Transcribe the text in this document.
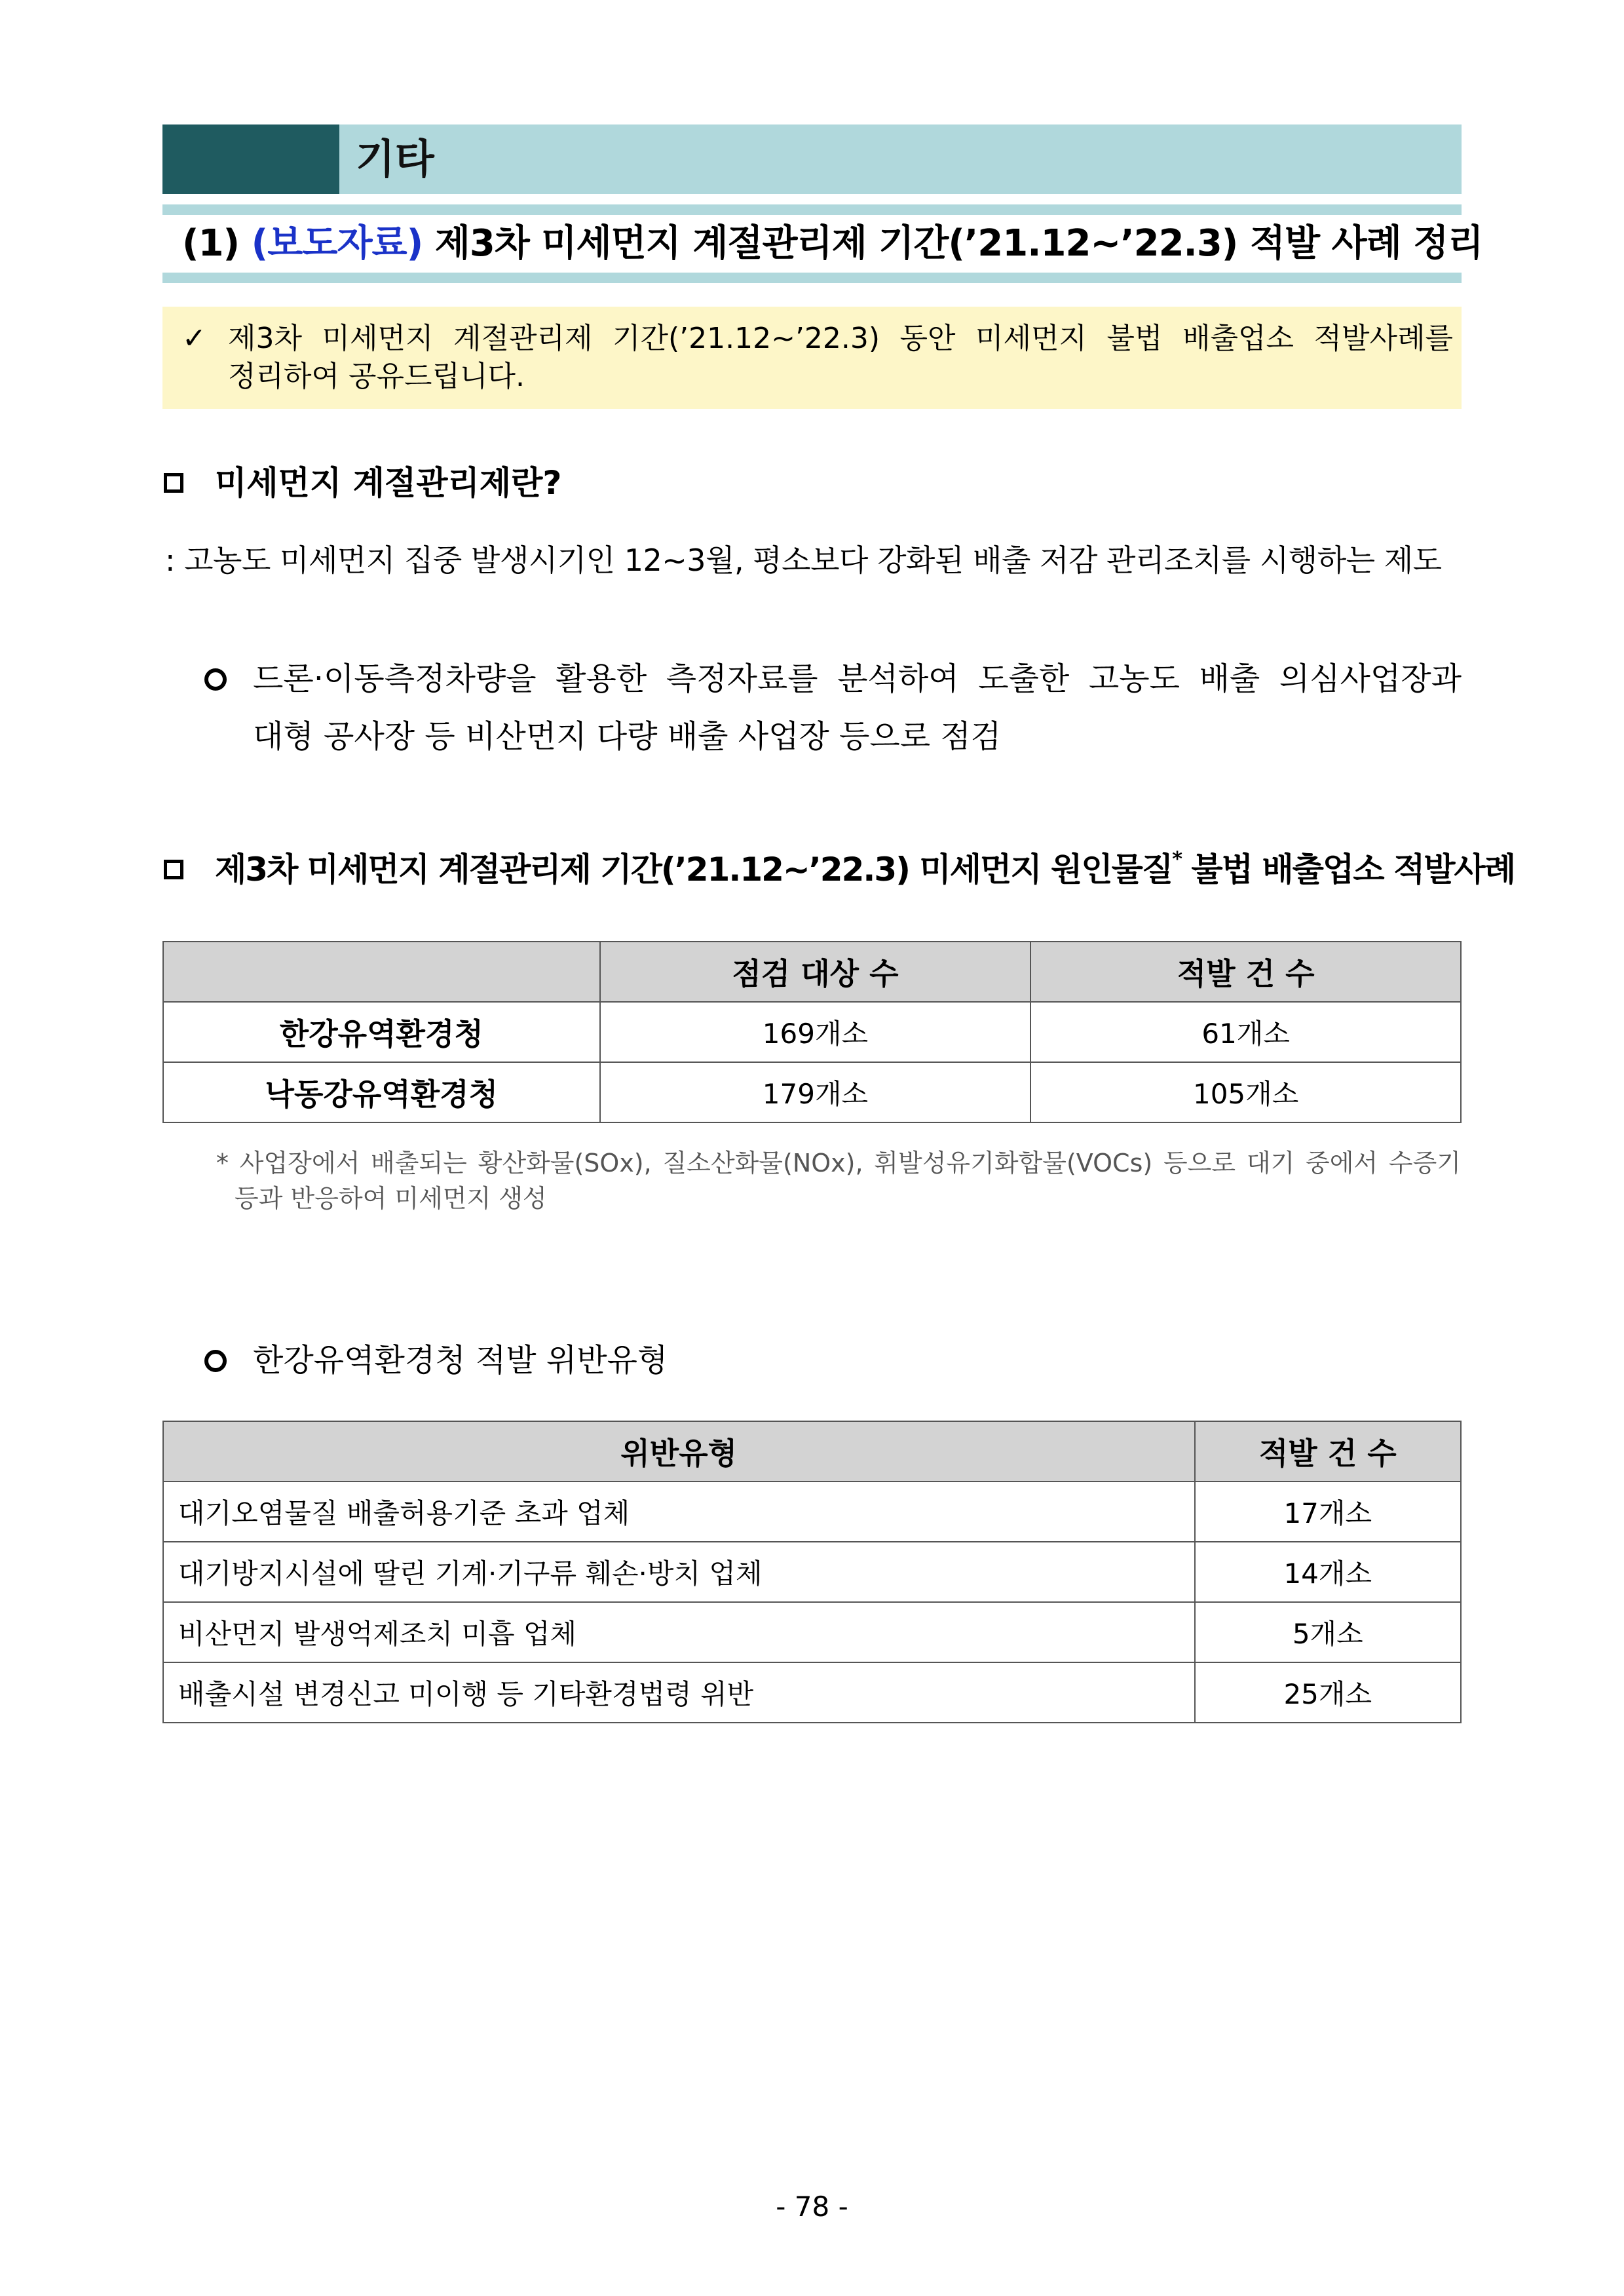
기타
(1) (보도자료) 제3차 미세먼지 계절관리제 기간(’21.12~’22.3) 적발 사례 정리
✓ 제3차 미세먼지 계절관리제 기간(’21.12~’22.3) 동안 미세먼지 불법 배출업소 적발사례를
정리하여 공유드립니다.
미세먼지 계절관리제란?
: 고농도 미세먼지 집중 발생시기인 12~3월, 평소보다 강화된 배출 저감 관리조치를 시행하는 제도
드론·이동측정차량을 활용한 측정자료를 분석하여 도출한 고농도 배출 의심사업장과
대형 공사장 등 비산먼지 다량 배출 사업장 등으로 점검
제3차 미세먼지 계절관리제 기간(’21.12~’22.3) 미세먼지 원인물질* 불법 배출업소 적발사례
	점검 대상 수	적발 건 수
한강유역환경청	169개소	61개소
낙동강유역환경청	179개소	105개소
* 사업장에서 배출되는 황산화물(SOx), 질소산화물(NOx), 휘발성유기화합물(VOCs) 등으로 대기 중에서 수증기
등과 반응하여 미세먼지 생성
한강유역환경청 적발 위반유형
위반유형	적발 건 수
대기오염물질 배출허용기준 초과 업체	17개소
대기방지시설에 딸린 기계·기구류 훼손·방치 업체	14개소
비산먼지 발생억제조치 미흡 업체	5개소
배출시설 변경신고 미이행 등 기타환경법령 위반	25개소
- 78 -
